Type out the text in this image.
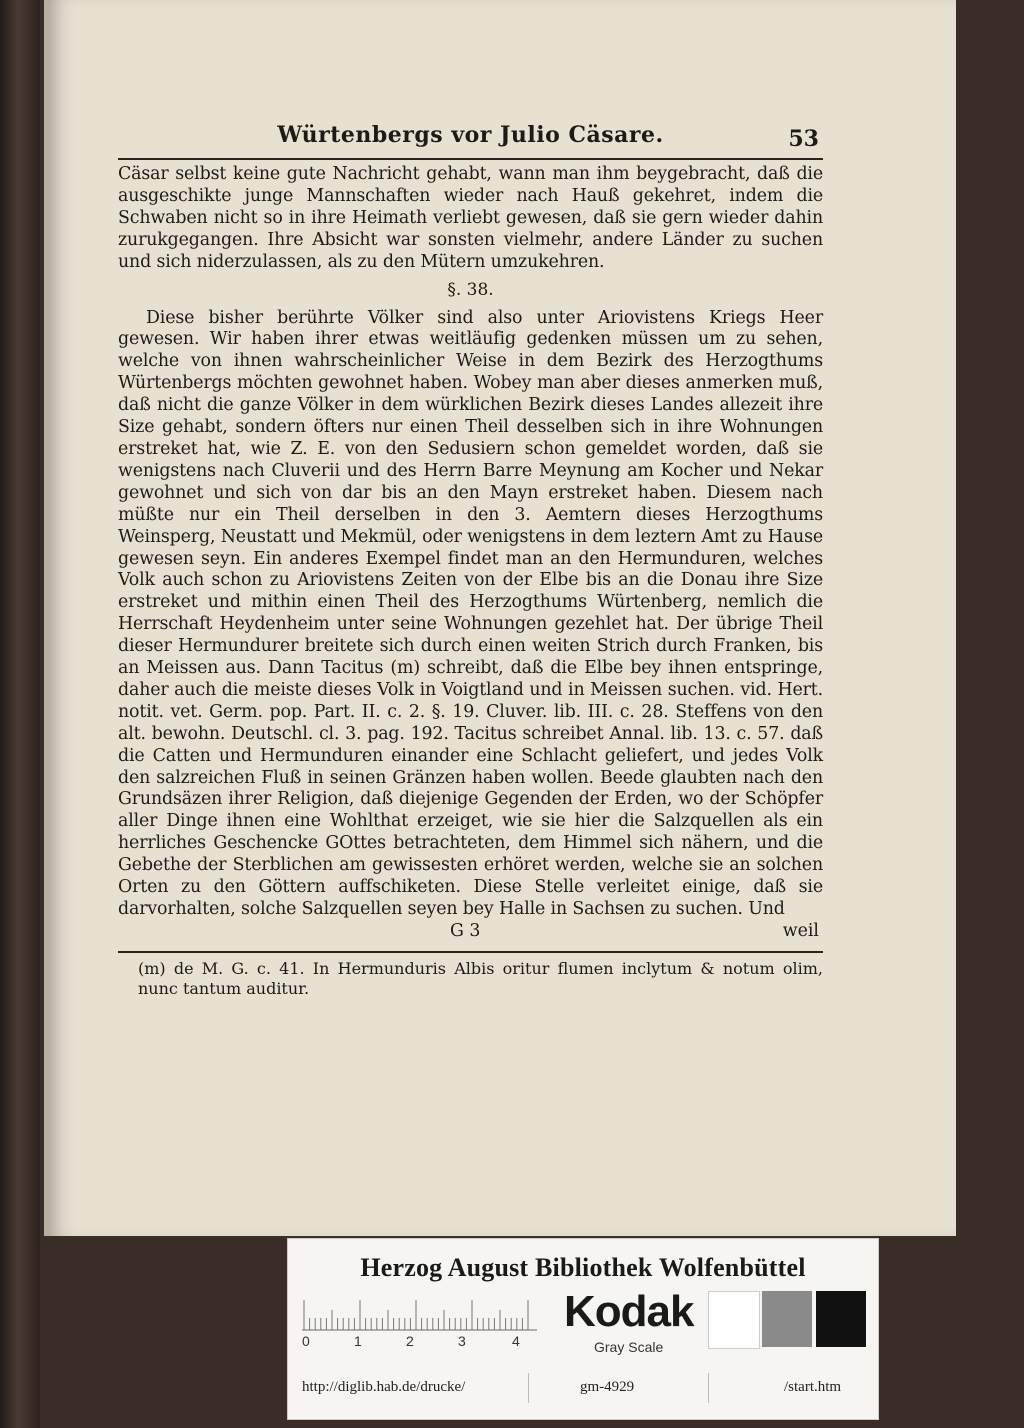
Würtenbergs vor Julio Cäsare.	53

Cäsar selbst keine gute Nachricht gehabt, wann man ihm beygebracht, daß die ausgeschikte junge Mannschaften wieder nach Hauß gekehret, indem die Schwaben nicht so in ihre Heimath verliebt gewesen, daß sie gern wieder dahin zurukgegangen. Ihre Absicht war sonsten vielmehr, andere Länder zu suchen und sich niderzulassen, als zu den Mütern umzukehren.

§. 38.

Diese bisher berührte Völker sind also unter Ariovistens Kriegs Heer gewesen. Wir haben ihrer etwas weitläufig gedenken müssen um zu sehen, welche von ihnen wahrscheinlicher Weise in dem Bezirk des Herzogthums Würtenbergs möchten gewohnet haben. Wobey man aber dieses anmerken muß, daß nicht die ganze Völker in dem würklichen Bezirk dieses Landes allezeit ihre Size gehabt, sondern öfters nur einen Theil desselben sich in ihre Wohnungen erstreket hat, wie Z. E. von den Sedusiern schon gemeldet worden, daß sie wenigstens nach Cluverii und des Herrn Barre Meynung am Kocher und Nekar gewohnet und sich von dar bis an den Mayn erstreket haben. Diesem nach müßte nur ein Theil derselben in den 3. Aemtern dieses Herzogthums Weinsperg, Neustatt und Mekmül, oder wenigstens in dem leztern Amt zu Hause gewesen seyn. Ein anderes Exempel findet man an den Hermunduren, welches Volk auch schon zu Ariovistens Zeiten von der Elbe bis an die Donau ihre Size erstreket und mithin einen Theil des Herzogthums Würtenberg, nemlich die Herrschaft Heydenheim unter seine Wohnungen gezehlet hat. Der übrige Theil dieser Hermundurer breitete sich durch einen weiten Strich durch Franken, bis an Meissen aus. Dann Tacitus (m) schreibt, daß die Elbe bey ihnen entspringe, daher auch die meiste dieses Volk in Voigtland und in Meissen suchen. vid. Hert. notit. vet. Germ. pop. Part. II. c. 2. §. 19. Cluver. lib. III. c. 28. Steffens von den alt. bewohn. Deutschl. cl. 3. pag. 192. Tacitus schreibet Annal. lib. 13. c. 57. daß die Catten und Hermunduren einander eine Schlacht geliefert, und jedes Volk den salzreichen Fluß in seinen Gränzen haben wollen. Beede glaubten nach den Grundsäzen ihrer Religion, daß diejenige Gegenden der Erden, wo der Schöpfer aller Dinge ihnen eine Wohlthat erzeiget, wie sie hier die Salzquellen als ein herrliches Geschencke GOttes betrachteten, dem Himmel sich nähern, und die Gebethe der Sterblichen am gewissesten erhöret werden, welche sie an solchen Orten zu den Göttern auffschiketen. Diese Stelle verleitet einige, daß sie darvorhalten, solche Salzquellen seyen bey Halle in Sachsen zu suchen. Und

G 3	weil

(m) de M. G. c. 41. In Hermunduris Albis oritur flumen inclytum & notum olim, nunc tantum auditur.

Herzog August Bibliothek Wolfenbüttel
0	1	2	3	4
Kodak
Gray Scale
http://diglib.hab.de/drucke/	gm-4929	/start.htm
